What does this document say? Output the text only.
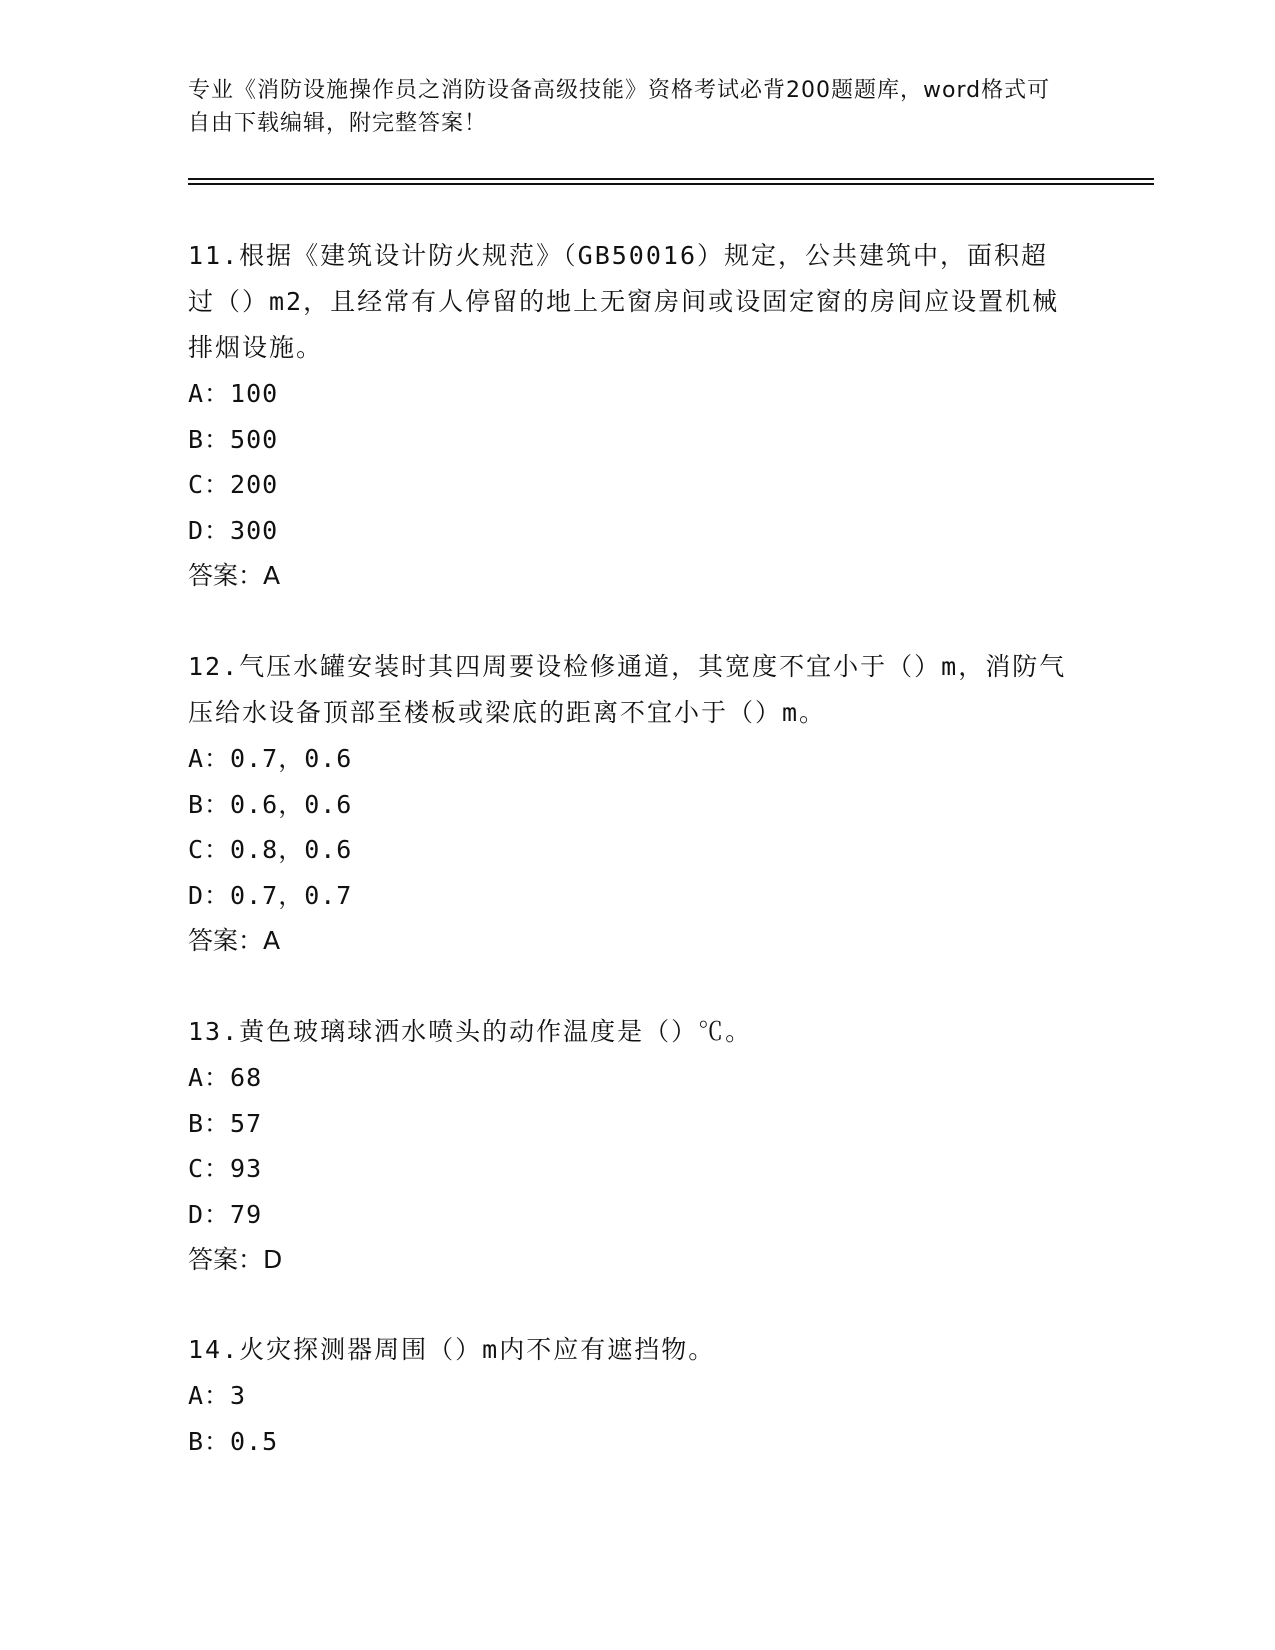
专业《消防设施操作员之消防设备高级技能》资格考试必背200题题库，word格式可自由下载编辑，附完整答案！

11.根据《建筑设计防火规范》（GB50016）规定，公共建筑中，面积超过（）m2，且经常有人停留的地上无窗房间或设固定窗的房间应设置机械排烟设施。

A：100

B：500

C：200

D：300

答案：A

12.气压水罐安装时其四周要设检修通道，其宽度不宜小于（）m，消防气压给水设备顶部至楼板或梁底的距离不宜小于（）m。

A：0.7，0.6

B：0.6，0.6

C：0.8，0.6

D：0.7，0.7

答案：A

13.黄色玻璃球洒水喷头的动作温度是（）℃。

A：68

B：57

C：93

D：79

答案：D

14.火灾探测器周围（）m内不应有遮挡物。

A：3

B：0.5
